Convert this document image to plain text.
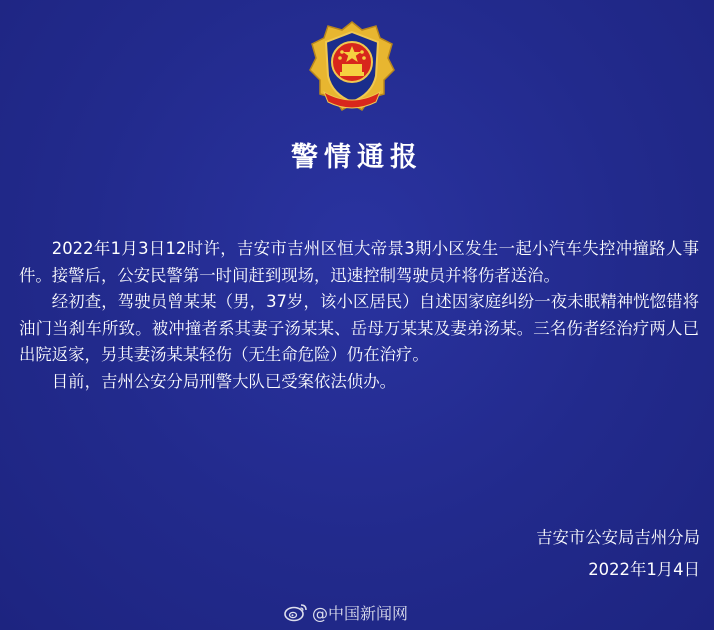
警情通报

2022年1月3日12时许，吉安市吉州区恒大帝景3期小区发生一起小汽车失控冲撞路人事件。接警后，公安民警第一时间赶到现场，迅速控制驾驶员并将伤者送治。

经初查，驾驶员曾某某（男，37岁，该小区居民）自述因家庭纠纷一夜未眠精神恍惚错将油门当刹车所致。被冲撞者系其妻子汤某某、岳母万某某及妻弟汤某。三名伤者经治疗两人已出院返家，另其妻汤某某轻伤（无生命危险）仍在治疗。

目前，吉州公安分局刑警大队已受案依法侦办。

吉安市公安局吉州分局
2022年1月4日
@中国新闻网
